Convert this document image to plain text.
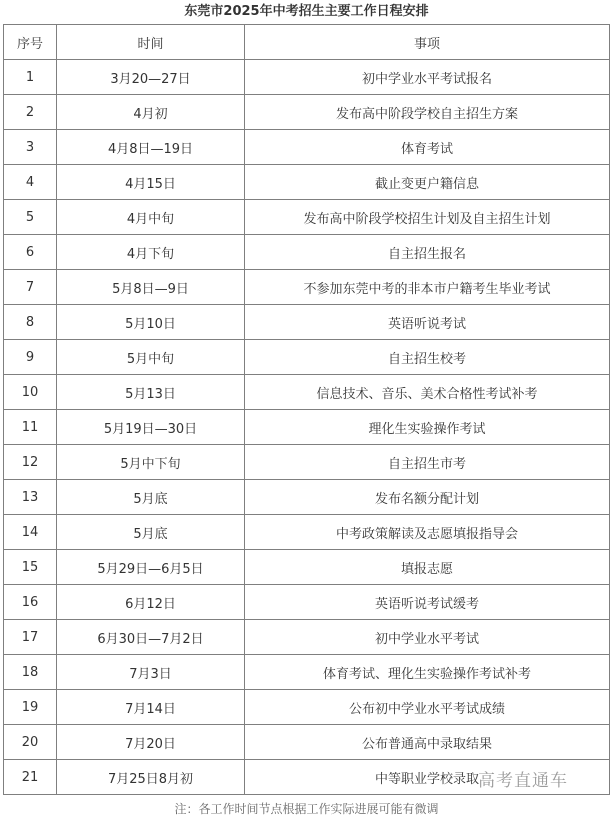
东莞市2025年中考招生主要工作日程安排
序号	时间	事项
1	3月20—27日	初中学业水平考试报名
2	4月初	发布高中阶段学校自主招生方案
3	4月8日—19日	体育考试
4	4月15日	截止变更户籍信息
5	4月中旬	发布高中阶段学校招生计划及自主招生计划
6	4月下旬	自主招生报名
7	5月8日—9日	不参加东莞中考的非本市户籍考生毕业考试
8	5月10日	英语听说考试
9	5月中旬	自主招生校考
10	5月13日	信息技术、音乐、美术合格性考试补考
11	5月19日—30日	理化生实验操作考试
12	5月中下旬	自主招生市考
13	5月底	发布名额分配计划
14	5月底	中考政策解读及志愿填报指导会
15	5月29日—6月5日	填报志愿
16	6月12日	英语听说考试缓考
17	6月30日—7月2日	初中学业水平考试
18	7月3日	体育考试、理化生实验操作考试补考
19	7月14日	公布初中学业水平考试成绩
20	7月20日	公布普通高中录取结果
21	7月25日8月初	中等职业学校录取 高考直通车
注：各工作时间节点根据工作实际进展可能有微调
